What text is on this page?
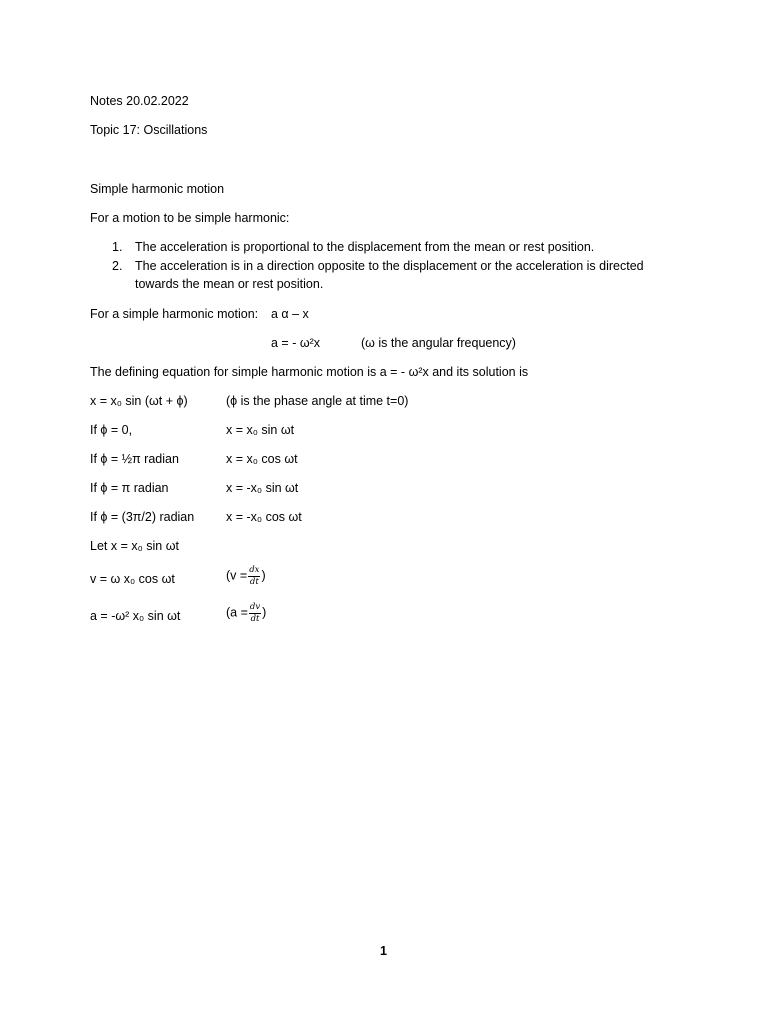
Notes 20.02.2022
Topic 17: Oscillations
Simple harmonic motion
For a motion to be simple harmonic:
1. The acceleration is proportional to the displacement from the mean or rest position.
2. The acceleration is in a direction opposite to the displacement or the acceleration is directed
towards the mean or rest position.
For a simple harmonic motion: a α – x
a = - ω²x	(ω is the angular frequency)
The defining equation for simple harmonic motion is a = - ω²x and its solution is
x = x₀ sin (ωt + ϕ)	(ϕ is the phase angle at time t=0)
If ϕ = 0,	x = x₀ sin ωt
If ϕ = ½π radian	x = x₀ cos ωt
If ϕ = π radian	x = -x₀ sin ωt
If ϕ = (3π/2) radian	x = -x₀ cos ωt
Let x = x₀ sin ωt
v = ω x₀ cos ωt	($v = \frac{dx}{dt}$ )
a = -ω² x₀ sin ωt	($a = \frac{dv}{dt}$ )
1
